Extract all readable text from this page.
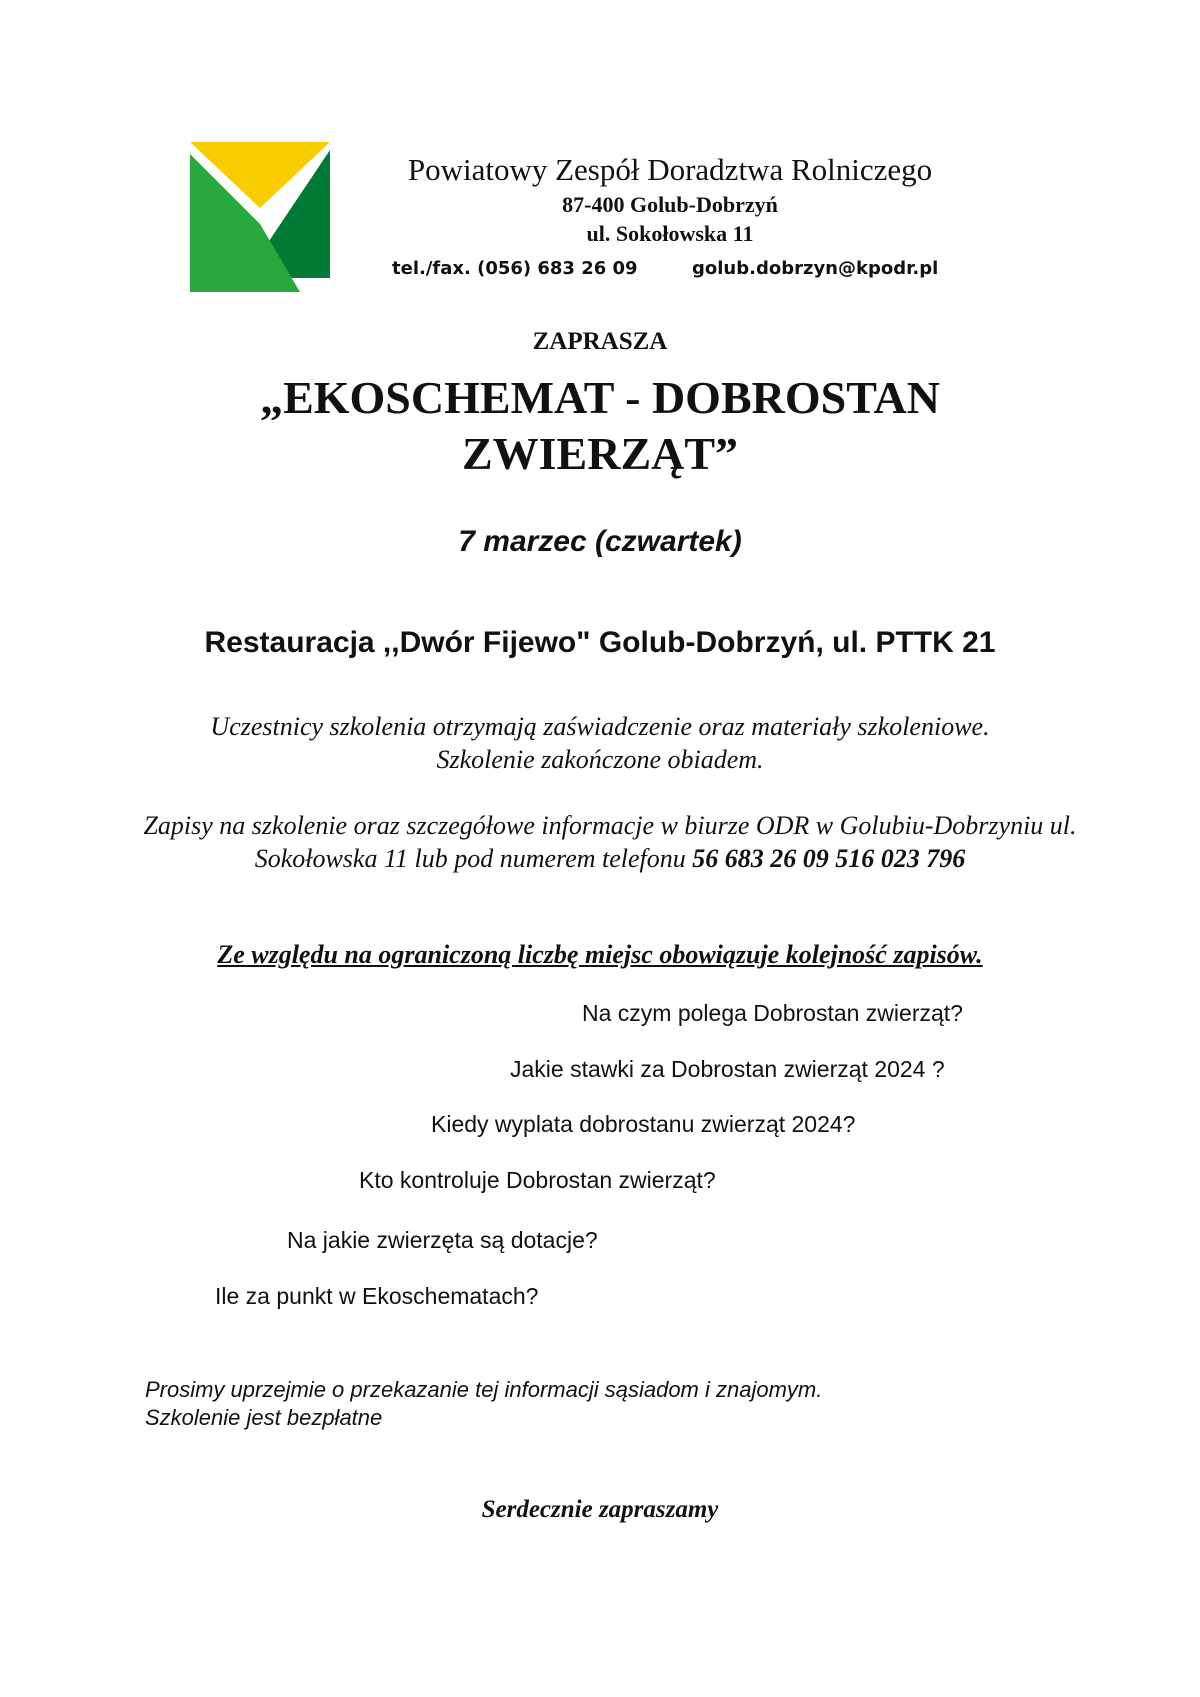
Powiatowy Zespół Doradztwa Rolniczego
87-400 Golub-Dobrzyń
ul. Sokołowska 11
tel./fax. (056) 683 26 09	golub.dobrzyn@kpodr.pl
ZAPRASZA
„EKOSCHEMAT - DOBROSTAN
ZWIERZĄT”
7 marzec (czwartek)
Restauracja ,,Dwór Fijewo" Golub-Dobrzyń, ul. PTTK 21
Uczestnicy szkolenia otrzymają zaświadczenie oraz materiały szkoleniowe.
Szkolenie zakończone obiadem.
Zapisy na szkolenie oraz szczegółowe informacje w biurze ODR w Golubiu-Dobrzyniu ul. Sokołowska 11 lub pod numerem telefonu 56 683 26 09 516 023 796
Ze względu na ograniczoną liczbę miejsc obowiązuje kolejność zapisów.
Na czym polega Dobrostan zwierząt?
Jakie stawki za Dobrostan zwierząt 2024 ?
Kiedy wyplata dobrostanu zwierząt 2024?
Kto kontroluje Dobrostan zwierząt?
Na jakie zwierzęta są dotacje?
Ile za punkt w Ekoschematach?
Prosimy uprzejmie o przekazanie tej informacji sąsiadom i znajomym.
Szkolenie jest bezpłatne
Serdecznie zapraszamy
